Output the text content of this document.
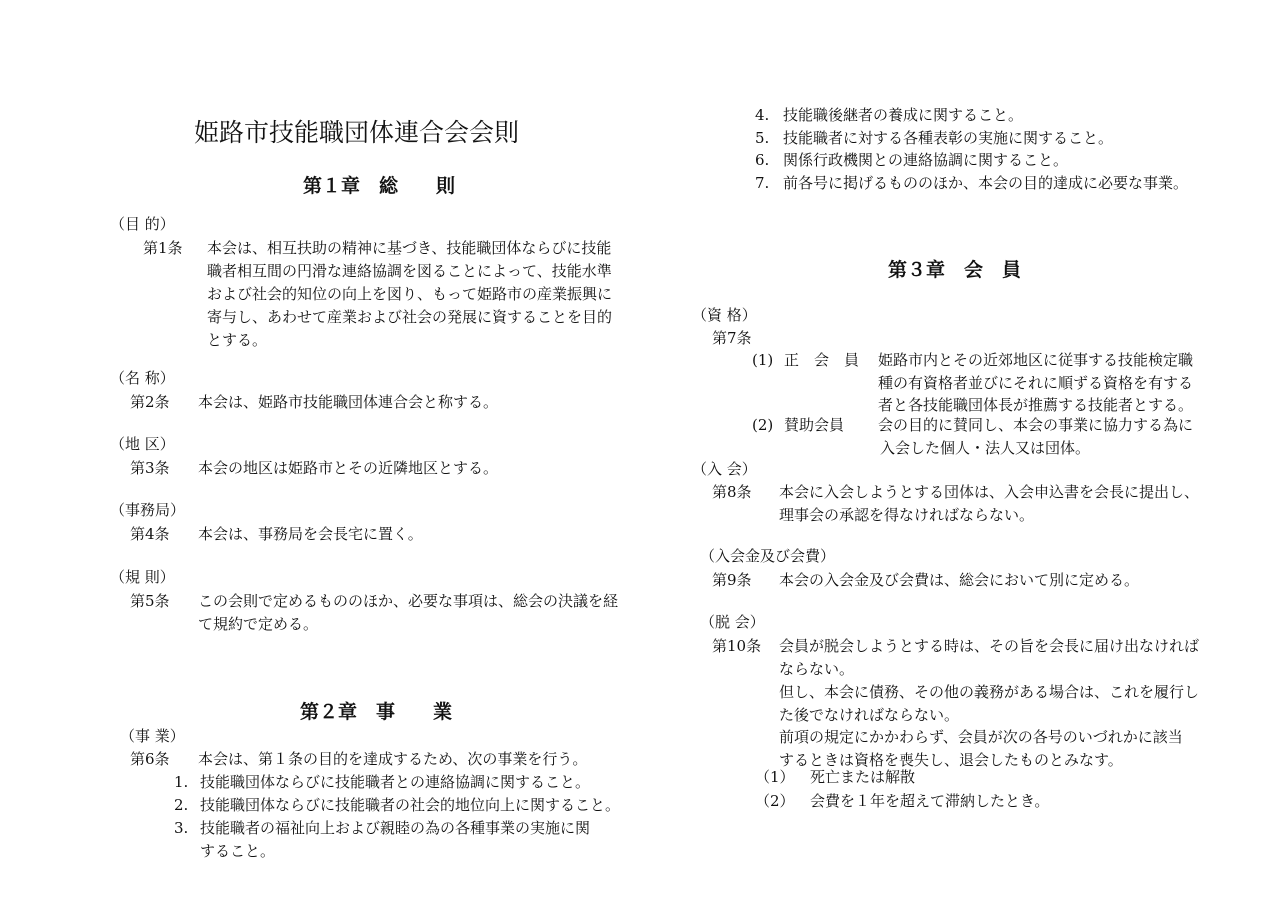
姫路市技能職団体連合会会則
第１章　総　　則
（目 的）
第1条 本会は、相互扶助の精神に基づき、技能職団体ならびに技能
職者相互間の円滑な連絡協調を図ることによって、技能水準
および社会的知位の向上を図り、もって姫路市の産業振興に
寄与し、あわせて産業および社会の発展に資することを目的
とする。
（名 称）
第2条 本会は、姫路市技能職団体連合会と称する。
（地 区）
第3条 本会の地区は姫路市とその近隣地区とする。
（事務局）
第4条 本会は、事務局を会長宅に置く。
（規 則）
第5条 この会則で定めるもののほか、必要な事項は、総会の決議を経
て規約で定める。
第２章　事　　業
（事 業）
第6条 本会は、第１条の目的を達成するため、次の事業を行う。
1. 技能職団体ならびに技能職者との連絡協調に関すること。
2. 技能職団体ならびに技能職者の社会的地位向上に関すること。
3. 技能職者の福祉向上および親睦の為の各種事業の実施に関
すること。
4. 技能職後継者の養成に関すること。
5. 技能職者に対する各種表彰の実施に関すること。
6. 関係行政機関との連絡協調に関すること。
7. 前各号に掲げるもののほか、本会の目的達成に必要な事業。
第３章　会　員
（資 格）
第7条
(1) 正　会　員 姫路市内とその近郊地区に従事する技能検定職
種の有資格者並びにそれに順ずる資格を有する
者と各技能職団体長が推薦する技能者とする。
(2) 賛助会員 会の目的に賛同し、本会の事業に協力する為に
入会した個人・法人又は団体。
（入 会）
第8条 本会に入会しようとする団体は、入会申込書を会長に提出し、
理事会の承認を得なければならない。
（入会金及び会費）
第9条 本会の入会金及び会費は、総会において別に定める。
（脱 会）
第10条 会員が脱会しようとする時は、その旨を会長に届け出なければ
ならない。
但し、本会に債務、その他の義務がある場合は、これを履行し
た後でなければならない。
前項の規定にかかわらず、会員が次の各号のいづれかに該当
するときは資格を喪失し、退会したものとみなす。
（1） 死亡または解散
（2） 会費を１年を超えて滞納したとき。
